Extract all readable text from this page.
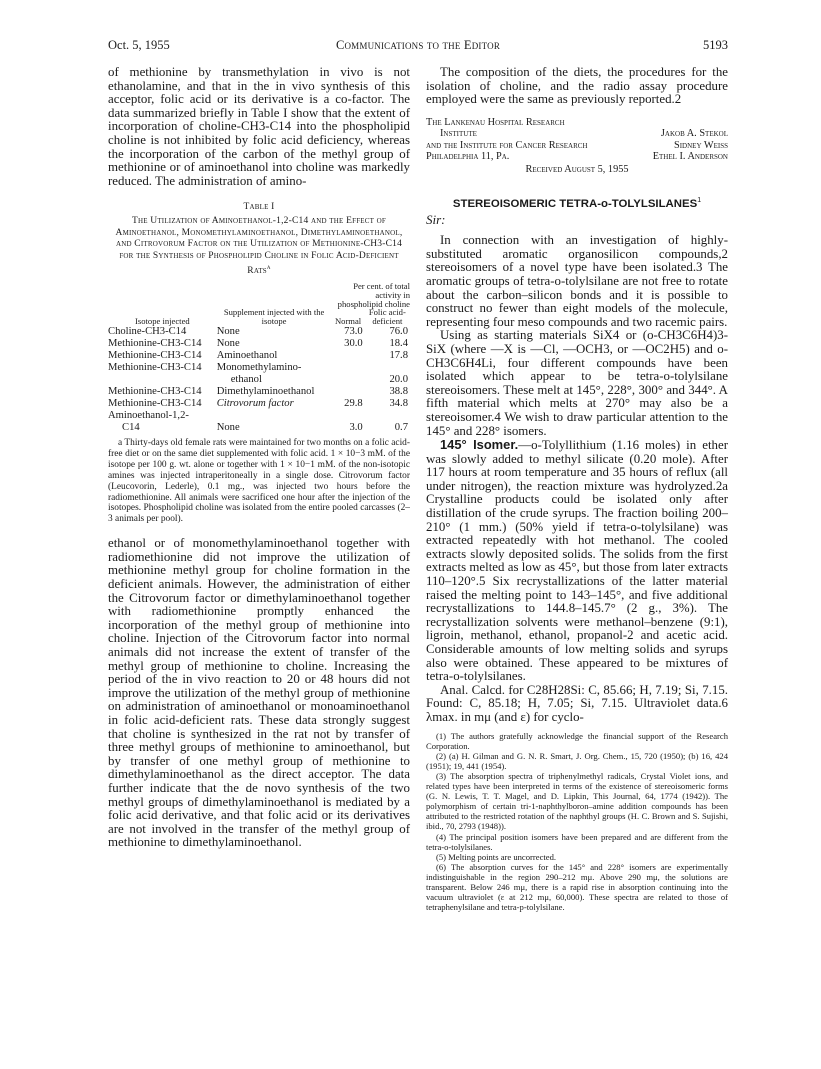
Oct. 5, 1955	Communications to the Editor	5193

of methionine by transmethylation in vivo is not ethanolamine, and that in the in vivo synthesis of this acceptor, folic acid or its derivative is a co-factor. The data summarized briefly in Table I show that the extent of incorporation of choline-CH3-C14 into the phospholipid choline is not inhibited by folic acid deficiency, whereas the incorporation of the carbon of the methyl group of methionine or of aminoethanol into choline was markedly reduced. The administration of amino-

Table I

The Utilization of Aminoethanol-1,2-C14 and the Effect of Aminoethanol, Monomethylaminoethanol, Dimethylaminoethanol, and Citrovorum Factor on the Utilization of Methionine-CH3-C14 for the Synthesis of Phospholipid Choline in Folic Acid-Deficient Rats$^a$

		Per cent. of total activity in phospholipid choline	
Isotope injected	Supplement injected with the isotope	Normal	Folic acid-deficient
Choline-CH3-C14	None	73.0	76.0
Methionine-CH3-C14	None	30.0	18.4
Methionine-CH3-C14	Aminoethanol		17.8
Methionine-CH3-C14	Monomethylamino-		
	ethanol		20.0
Methionine-CH3-C14	Dimethylaminoethanol		38.8
Methionine-CH3-C14	Citrovorum factor	29.8	34.8
Aminoethanol-1,2-			
C14	None	3.0	0.7

a Thirty-days old female rats were maintained for two months on a folic acid-free diet or on the same diet supplemented with folic acid. 1 × 10−3 mM. of the isotope per 100 g. wt. alone or together with 1 × 10−1 mM. of the non-isotopic amines was injected intraperitoneally in a single dose. Citrovorum factor (Leucovorin, Lederle), 0.1 mg., was injected two hours before the radiomethionine. All animals were sacrificed one hour after the injection of the isotopes. Phospholipid choline was isolated from the entire pooled carcasses (2–3 animals per pool).

ethanol or of monomethylaminoethanol together with radiomethionine did not improve the utilization of methionine methyl group for choline formation in the deficient animals. However, the administration of either the Citrovorum factor or dimethylaminoethanol together with radiomethionine promptly enhanced the incorporation of the methyl group of methionine into choline. Injection of the Citrovorum factor into normal animals did not increase the extent of transfer of the methyl group of methionine to choline. Increasing the period of the in vivo reaction to 20 or 48 hours did not improve the utilization of the methyl group of methionine on administration of aminoethanol or monoaminoethanol in folic acid-deficient rats. These data strongly suggest that choline is synthesized in the rat not by transfer of three methyl groups of methionine to aminoethanol, but by transfer of one methyl group of methionine to dimethylaminoethanol as the direct acceptor. The data further indicate that the de novo synthesis of the two methyl groups of dimethylaminoethanol is mediated by a folic acid derivative, and that folic acid or its derivatives are not involved in the transfer of the methyl group of methionine to dimethylaminoethanol.

The composition of the diets, the procedures for the isolation of choline, and the radio assay procedure employed were the same as previously reported.2

The Lankenau Hospital Research
Institute	Jakob A. Stekol
and the Institute for Cancer Research	Sidney Weiss
Philadelphia 11, Pa.	Ethel I. Anderson
Received August 5, 1955
STEREOISOMERIC TETRA-o-TOLYLSILANES$^1$
Sir:

In connection with an investigation of highly-substituted aromatic organosilicon compounds,2 stereoisomers of a novel type have been isolated.3 The aromatic groups of tetra-o-tolylsilane are not free to rotate about the carbon–silicon bonds and it is possible to construct no fewer than eight models of the molecule, representing four meso compounds and two racemic pairs.

Using as starting materials SiX4 or (o-CH3C6H4)3-SiX (where —X is —Cl, —OCH3, or —OC2H5) and o-CH3C6H4Li, four different compounds have been isolated which appear to be tetra-o-tolylsilane stereoisomers. These melt at 145°, 228°, 300° and 344°. A fifth material which melts at 270° may also be a stereoisomer.4 We wish to draw particular attention to the 145° and 228° isomers.

145° Isomer.—o-Tolyllithium (1.16 moles) in ether was slowly added to methyl silicate (0.20 mole). After 117 hours at room temperature and 35 hours of reflux (all under nitrogen), the reaction mixture was hydrolyzed.2a Crystalline products could be isolated only after distillation of the crude syrups. The fraction boiling 200–210° (1 mm.) (50% yield if tetra-o-tolylsilane) was extracted repeatedly with hot methanol. The cooled extracts slowly deposited solids. The solids from the first extracts melted as low as 45°, but those from later extracts 110–120°.5 Six recrystallizations of the latter material raised the melting point to 143–145°, and five additional recrystallizations to 144.8–145.7° (2 g., 3%). The recrystallization solvents were methanol–benzene (9:1), ligroin, methanol, ethanol, propanol-2 and acetic acid. Considerable amounts of low melting solids and syrups also were obtained. These appeared to be mixtures of tetra-o-tolylsilanes.

Anal. Calcd. for C28H28Si: C, 85.66; H, 7.19; Si, 7.15. Found: C, 85.18; H, 7.05; Si, 7.15. Ultraviolet data.6 λmax. in mμ (and ε) for cyclo-

(1) The authors gratefully acknowledge the financial support of the Research Corporation.

(2) (a) H. Gilman and G. N. R. Smart, J. Org. Chem., 15, 720 (1950); (b) 16, 424 (1951); 19, 441 (1954).

(3) The absorption spectra of triphenylmethyl radicals, Crystal Violet ions, and related types have been interpreted in terms of the existence of stereoisomeric forms (G. N. Lewis, T. T. Magel, and D. Lipkin, This Journal, 64, 1774 (1942)). The polymorphism of certain tri-1-naphthylboron–amine addition compounds has been attributed to the restricted rotation of the naphthyl groups (H. C. Brown and S. Sujishi, ibid., 70, 2793 (1948)).

(4) The principal position isomers have been prepared and are different from the tetra-o-tolylsilanes.

(5) Melting points are uncorrected.

(6) The absorption curves for the 145° and 228° isomers are experimentally indistinguishable in the region 290–212 mμ. Above 290 mμ, the solutions are transparent. Below 246 mμ, there is a rapid rise in absorption continuing into the vacuum ultraviolet (ε at 212 mμ, 60,000). These spectra are related to those of tetraphenylsilane and tetra-p-tolylsilane.
